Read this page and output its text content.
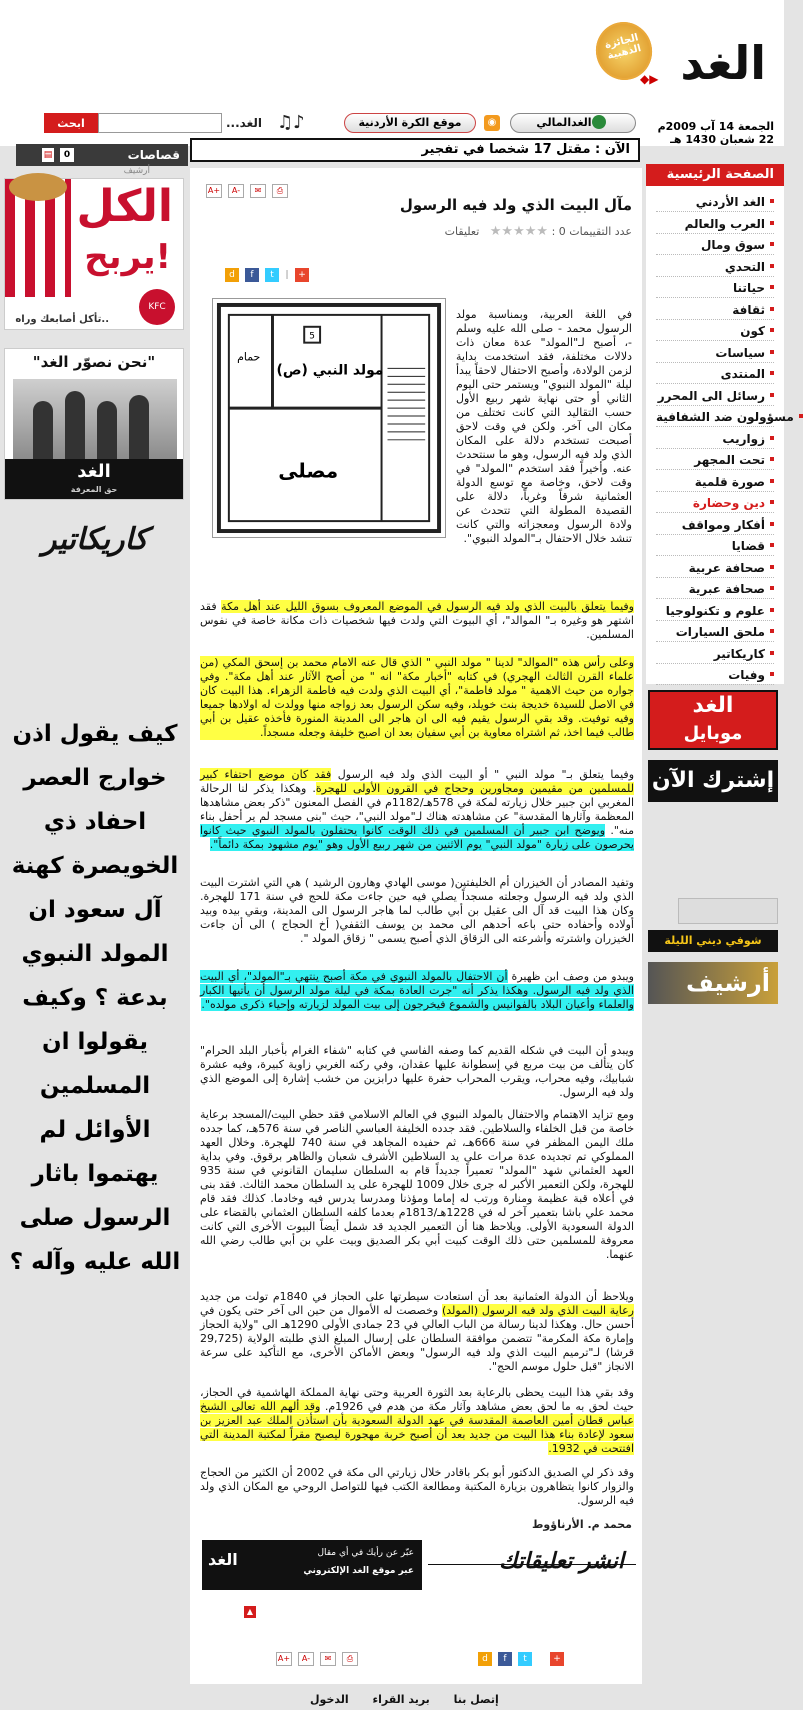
الغد
◆▶
الجائزة الذهبية
الجمعة 14 آب 2009م
22 شعبان 1430 هـ
الغدالمالي
◉
موقع الكرة الأردنية
♫♪
الغد...
ابحث
الآن : مقتل 17 شخصا في تفجير
قصاصات
0
▤
أرشيف
الكل
يربح!
..تأكل أصابعك وراه
KFC
"نحن نصوّر الغد"
الغد
حق المعرفة
كاريكاتير
كيف يقول اذن خوارج العصر احفاد ذي الخويصرة كهنة آل سعود ان المولد النبوي بدعة ؟ وكيف يقولوا ان المسلمين الأوائل لم يهتموا باثار الرسول صلى الله عليه وآله ؟
A+ A- ✉ ⎙
مآل البيت الذي ولد فيه الرسول
عدد التقييمات 0 : ★★★★★   تعليقات
d f t | +
5
مولد النبي (ص)
حمام
مصلى
في اللغة العربية، وبمناسبة مولد الرسول محمد - صلى الله عليه وسلم -، أصبح لـ"المولد" عدة معان ذات دلالات مختلفة، فقد استخدمت بداية لزمن الولادة، وأصبح الاحتفال لاحقاً يبدأ ليلة "المولد النبوي" ويستمر حتى اليوم الثاني أو حتى نهاية شهر ربيع الأول حسب التقاليد التي كانت تختلف من مكان الى آخر. ولكن في وقت لاحق أصبحت تستخدم دلالة على المكان الذي ولد فيه الرسول، وهو ما سنتحدث عنه. وأخيراً فقد استخدم "المولد" في وقت لاحق، وخاصة مع توسع الدولة العثمانية شرقاً وغرباً، دلالة على القصيدة المطولة التي تتحدث عن ولادة الرسول ومعجزاته والتي كانت تنشد خلال الاحتفال بـ"المولد النبوي".
وفيما يتعلق بالبيت الذي ولد فيه الرسول في الموضع المعروف بسوق الليل عند أهل مكة فقد اشتهر هو وغيره بـ" الموالد"، أي البيوت التي ولدت فيها شخصيات ذات مكانة خاصة في نفوس المسلمين.
وعلى رأس هذه "الموالد" لدينا " مولد النبي " الذي قال عنه الامام محمد بن إسحق المكي (من علماء القرن الثالث الهجري) في كتابه "أخبار مكة" انه " من أصح الآثار عند أهل مكة". وفي جواره من حيث الاهمية " مولد فاطمة"، أي البيت الذي ولدت فيه فاطمة الزهراء. هذا البيت كان في الاصل للسيدة خديجة بنت خويلد، وفيه سكن الرسول بعد زواجه منها وولدت له اولادها جميعا وفيه توفيت. وقد بقي الرسول يقيم فيه الى ان هاجر الى المدينة المنورة فأخذه عقيل بن أبي طالب فيما اخذ، ثم اشتراه معاوية بن أبي سفيان بعد ان اصبح خليفة وجعله مسجداً.
وفيما يتعلق بـ" مولد النبي " أو البيت الذي ولد فيه الرسول فقد كان موضع احتفاء كبير للمسلمين من مقيمين ومجاورين وحجاج في القرون الأولى للهجرة. وهكذا يذكر لنا الرحالة المغربي ابن جبير خلال زيارته لمكة في 578هـ/1182م في الفصل المعنون "ذكر بعض مشاهدها المعظمة وآثارها المقدسة" عن مشاهدته هناك لـ"مولد النبي"، حيث "بنى مسجد لم ير أحفل بناء منه". ويوضح ابن جبير أن المسلمين في ذلك الوقت كانوا يحتفلون بالمولد النبوي حيث كانوا يحرصون على زيارة "مولد النبي" يوم الاثنين من شهر ربيع الأول وهو "يوم مشهود بمكة دائماً".
وتفيد المصادر أن الخيزران أم الخليفتين( موسى الهادي وهارون الرشيد ) هي التي اشترت البيت الذي ولد فيه الرسول وجعلته مسجداً يصلي فيه حين جاءت مكة للحج في سنة 171 للهجرة. وكان هذا البيت قد آل الى عقيل بن أبي طالب لما هاجر الرسول الى المدينة، وبقي بيده وبيد أولاده وأحفاده حتى باعه أحدهم الى محمد بن يوسف الثقفي( أخ الحجاج ) الى أن جاءت الخيزران واشترته وأشرعته الى الزقاق الذي أصبح يسمى " زقاق المولد ".
ويبدو من وصف ابن ظهيرة أن الاحتفال بالمولد النبوي في مكة أصبح ينتهي بـ"المولد"، أي البيت الذي ولد فيه الرسول. وهكذا يذكر أنه "جرت العادة بمكة في ليلة مولد الرسول أن يأتيها الكبار والعلماء وأعيان البلاد بالفوانيس والشموع فيخرجون إلى بيت المولد لزيارته وإحياء ذكرى مولده".
ويبدو أن البيت في شكله القديم كما وصفه الفاسي في كتابه "شفاء الغرام بأخبار البلد الحرام" كان يتألف من بيت مربع في إسطوانة عليها عقدان، وفي ركنه الغربي زاوية كبيرة، وفيه عشرة شبابيك، وفيه محراب، ويقرب المحراب حفرة عليها درابزين من خشب إشارة إلى الموضع الذي ولد فيه الرسول.
ومع تزايد الاهتمام والاحتفال بالمولد النبوي في العالم الاسلامي فقد حظي البيت/المسجد برعاية خاصة من قبل الخلفاء والسلاطين. فقد جدده الخليفة العباسي الناصر في سنة 576هـ، كما جدده ملك اليمن المظفر في سنة 666هـ، ثم حفيده المجاهد في سنة 740 للهجرة. وخلال العهد المملوكي تم تجديده عدة مرات على يد السلاطين الأشرف شعبان والظاهر برقوق. وفي بداية العهد العثماني شهد "المولد" تعميراً جديداً قام به السلطان سليمان القانوني في سنة 935 للهجرة، ولكن التعمير الأكبر له جرى خلال 1009 للهجرة على يد السلطان محمد الثالث. فقد بنى في أعلاه قبة عظيمة ومنارة ورتب له إماما ومؤذنا ومدرسا يدرس فيه وخادما. كذلك فقد قام محمد علي باشا بتعمير آخر له في 1228هـ/1813م بعدما كلفه السلطان العثماني بالقضاء على الدولة السعودية الأولى. ويلاحظ هنا أن التعمير الجديد قد شمل أيضاً البيوت الأخرى التي كانت معروفة للمسلمين حتى ذلك الوقت كبيت أبي بكر الصديق وبيت علي بن أبي طالب رضي الله عنهما.
ويلاحظ أن الدولة العثمانية بعد أن استعادت سيطرتها على الحجاز في 1840م تولت من جديد رعاية البيت الذي ولد فيه الرسول (المولد) وخصصت له الأموال من حين الى آخر حتى يكون في أحسن حال. وهكذا لدينا رسالة من الباب العالي في 23 جمادى الأولى 1290هـ الى "ولاية الحجاز وإمارة مكة المكرمة" تتضمن موافقة السلطان على إرسال المبلغ الذي طلبته الولاية (29,725 قرشا) لـ"ترميم البيت الذي ولد فيه الرسول" وبعض الأماكن الأخرى، مع التأكيد على سرعة الانجاز "قبل حلول موسم الحج".
وقد بقي هذا البيت يحظى بالرعاية بعد الثورة العربية وحتى نهاية المملكة الهاشمية في الحجاز، حيث لحق به ما لحق بعض مشاهد وآثار مكة من هدم في 1926م. وقد ألهم الله تعالى الشيخ عباس قطان أمين العاصمة المقدسة في عهد الدولة السعودية بأن استأذن الملك عبد العزيز بن سعود لإعادة بناء هذا البيت من جديد بعد أن أصبح خربة مهجورة ليصبح مقراً لمكتبة المدينة التي افتتحت في 1932.
وقد ذكر لي الصديق الدكتور أبو بكر باقادر خلال زيارتي الى مكة في 2002 أن الكثير من الحجاج والزوار كانوا يتظاهرون بزيارة المكتبة ومطالعة الكتب فيها للتواصل الروحي مع المكان الذي ولد فيه الرسول.
محمد م. الأرناؤوط
الغد	عبّر عن رأيك في أي مقال
عبر موقع الغد الإلكتروني	انشر تعليقاتك
▲
A+ A- ✉ ⎙	d f t	+
الصفحة الرئيسية
الغد الأردني
العرب والعالم
سوق ومال
التحدي
حياتنا
ثقافة
كون
سياسات
المنتدى
رسائل الى المحرر
مسؤولون ضد الشفافية
زواريب
تحت المجهر
صورة قلمية
دين وحضارة
أفكار ومواقف
قضايا
صحافة عربية
صحافة عبرية
علوم و تكنولوجيا
ملحق السيارات
كاريكاتير
وفيات
الغد
موبايل
إشترك الآن
شوفي ديني الليلة
أرشيف
إتصل بنا بريد القراء الدخول
